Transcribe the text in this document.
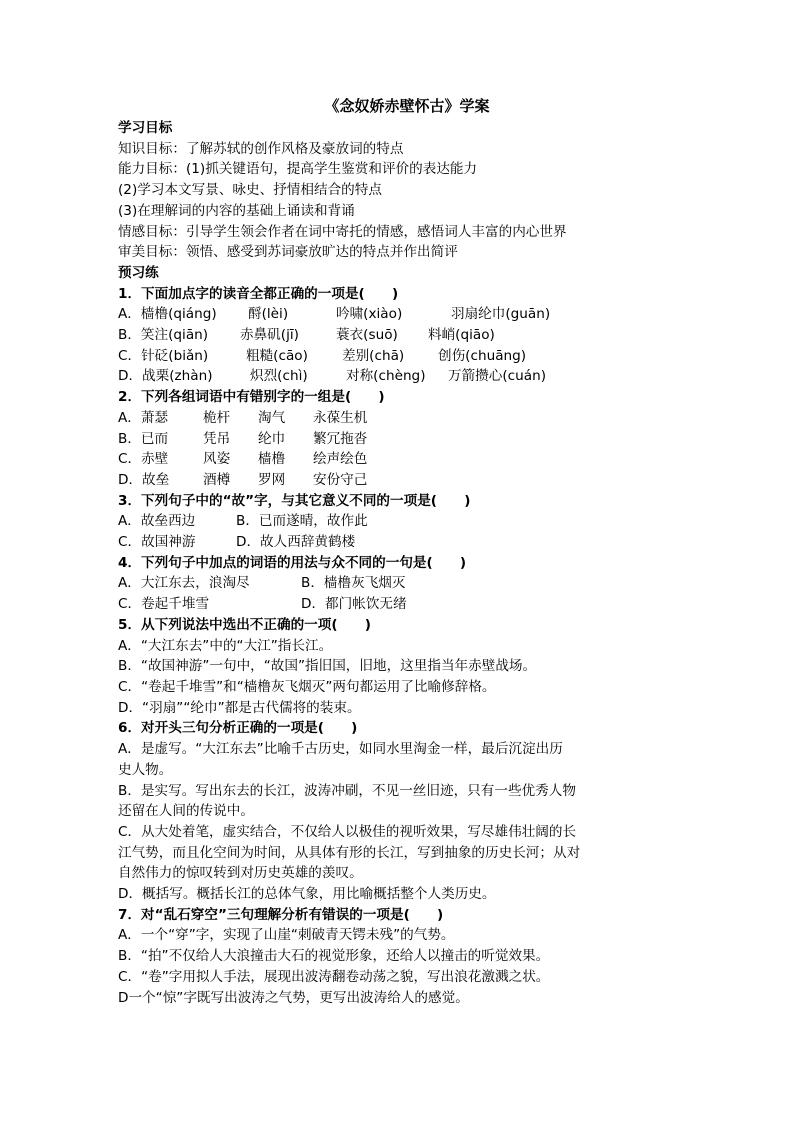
《念奴娇赤壁怀古》学案
学习目标
知识目标：了解苏轼的创作风格及豪放词的特点
能力目标：(1)抓关键语句，提高学生鉴赏和评价的表达能力
(2)学习本文写景、咏史、抒情相结合的特点
(3)在理解词的内容的基础上诵读和背诵
情感目标：引导学生领会作者在词中寄托的情感，感悟词人丰富的内心世界
审美目标：领悟、感受到苏词豪放旷达的特点并作出简评
预习练
1．下面加点字的读音全都正确的一项是(　　)
A．樯橹(qiáng) 酹(lèi)	吟啸(xiào)	羽扇纶巾(guān)
B．笑注(qiān) 赤鼻矶(jī)	蓑衣(suō) 料峭(qiāo)
C．针砭(biǎn)	粗糙(cāo)	差别(chā) 创伤(chuāng)
D．战栗(zhàn)	炽烈(chì)	对称(chèng) 万箭攒心(cuán)
2．下列各组词语中有错别字的一组是(　　)
A．萧瑟	桅杆 淘气 永葆生机
B．已而	凭吊 纶巾 繁冗拖沓
C．赤壁	风姿 樯橹 绘声绘色
D．故垒 酒樽 罗网 安份守己
3．下列句子中的“故”字，与其它意义不同的一项是(　　)
A．故垒西边	B．已而遂晴，故作此
C．故国神游	D．故人西辞黄鹤楼
4．下列句子中加点的词语的用法与众不同的一句是(　　)
A．大江东去，浪淘尽	B．樯橹灰飞烟灭
C．卷起千堆雪	D．都门帐饮无绪
5．从下列说法中选出不正确的一项(　　)
A．“大江东去”中的“大江”指长江。
B．“故国神游”一句中，“故国”指旧国，旧地，这里指当年赤壁战场。
C．“卷起千堆雪”和“樯橹灰飞烟灭”两句都运用了比喻修辞格。
D．“羽扇”“纶巾”都是古代儒将的装束。
6．对开头三句分析正确的一项是(　　)
A．是虚写。“大江东去”比喻千古历史，如同水里淘金一样，最后沉淀出历
史人物。
B．是实写。写出东去的长江，波涛冲刷，不见一丝旧迹，只有一些优秀人物
还留在人间的传说中。
C．从大处着笔，虚实结合，不仅给人以极佳的视听效果，写尽雄伟壮阔的长
江气势，而且化空间为时间，从具体有形的长江，写到抽象的历史长河；从对
自然伟力的惊叹转到对历史英雄的羡叹。
D．概括写。概括长江的总体气象，用比喻概括整个人类历史。
7．对“乱石穿空”三句理解分析有错误的一项是(　　)
A．一个“穿”字，实现了山崖“刺破青天锷未残”的气势。
B．“拍”不仅给人大浪撞击大石的视觉形象，还给人以撞击的听觉效果。
C．“卷”字用拟人手法，展现出波涛翻卷动荡之貌，写出浪花激溅之状。
D一个“惊”字既写出波涛之气势，更写出波涛给人的感觉。
